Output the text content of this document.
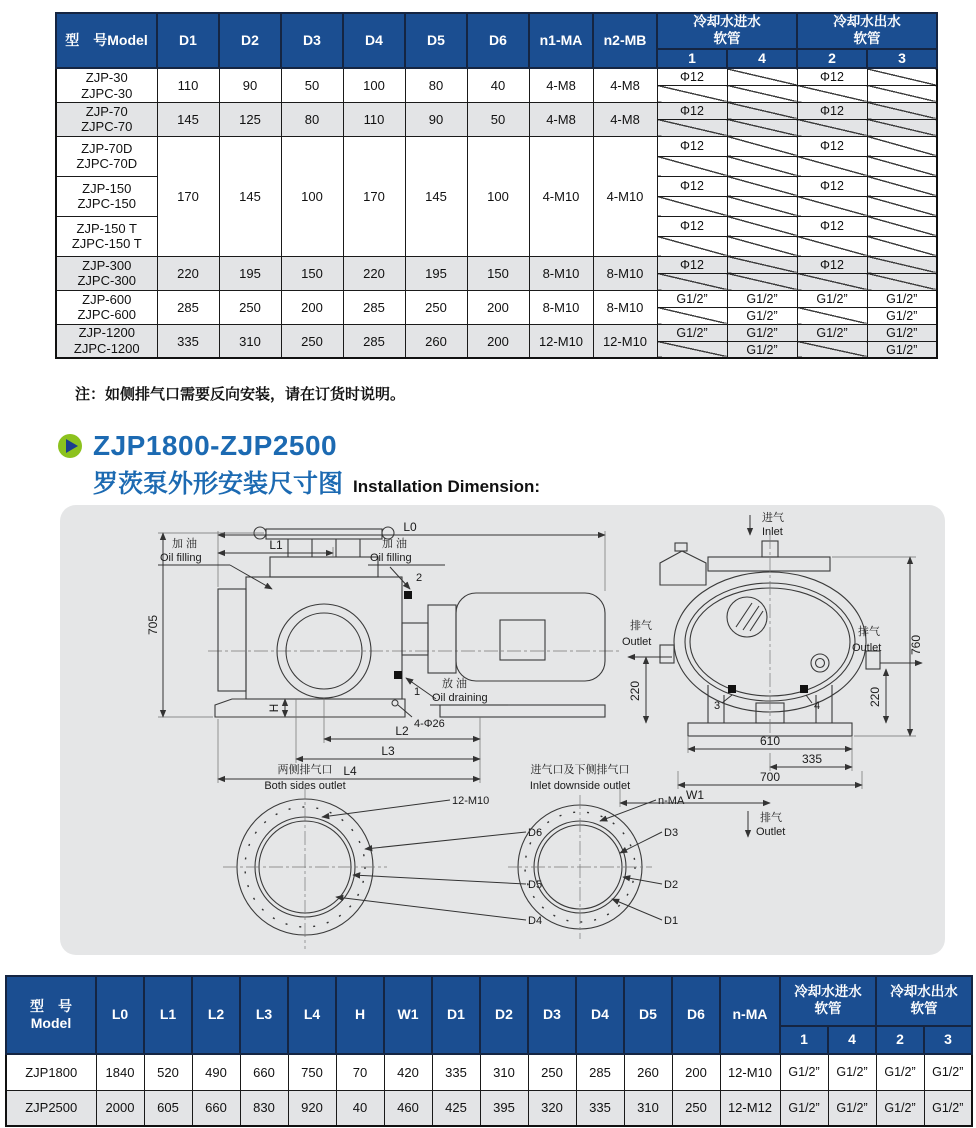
型　号Model	D1	D2	D3	D4	D5	D6	n1-MA	n2-MB	冷却水进水
软管		冷却水出水
软管	

									1	4	2	3

ZJP-30
ZJPC-30	110	90	50	100	80	40	4-M8	4-M8	Φ12		Φ12	

ZJP-70
ZJPC-70	145	125	80	110	90	50	4-M8	4-M8	Φ12		Φ12	

ZJP-70D
ZJPC-70D	170	145	100	170	145	100	4-M10	4-M10	Φ12		Φ12	

ZJP-150
ZJPC-150									Φ12		Φ12	

ZJP-150 T
ZJPC-150 T									Φ12		Φ12	

ZJP-300
ZJPC-300	220	195	150	220	195	150	8-M10	8-M10	Φ12		Φ12	

ZJP-600
ZJPC-600	285	250	200	285	250	200	8-M10	8-M10	G1/2”	G1/2”	G1/2”	G1/2”
										G1/2”		G1/2”

ZJP-1200
ZJPC-1200	335	310	250	285	260	200	12-M10	12-M10	G1/2”	G1/2”	G1/2”	G1/2”
										G1/2”		G1/2”
注：如侧排气口需要反向安装，请在订货时说明。
ZJP1800-ZJP2500
罗茨泵外形安装尺寸图 Installation Dimension:
L0
L1
705
H
L2
L3
L4
4-Φ26
加 油
Oil filling
加 油
Oil filling
2
1
放 油
Oil draining
3	4
进气
Inlet
排气
Outlet
220
排气
Outlet
220
760
610
335
700
W1
排气
Outlet
两侧排气口
Both sides outlet
12-M10
D6
D5
D4
进气口及下侧排气口
Inlet downside outlet
n-MA
D3
D2
D1
型　号
Model	L0	L1	L2	L3	L4	H	W1	D1	D2	D3	D4	D5	D6	n-MA	冷却水进水
软管		冷却水出水
软管	

															1	4	2	3
ZJP1800	1840	520	490	660	750	70	420	335	310	250	285	260	200	12-M10	G1/2”	G1/2”	G1/2”	G1/2”
ZJP2500	2000	605	660	830	920	40	460	425	395	320	335	310	250	12-M12	G1/2”	G1/2”	G1/2”	G1/2”
